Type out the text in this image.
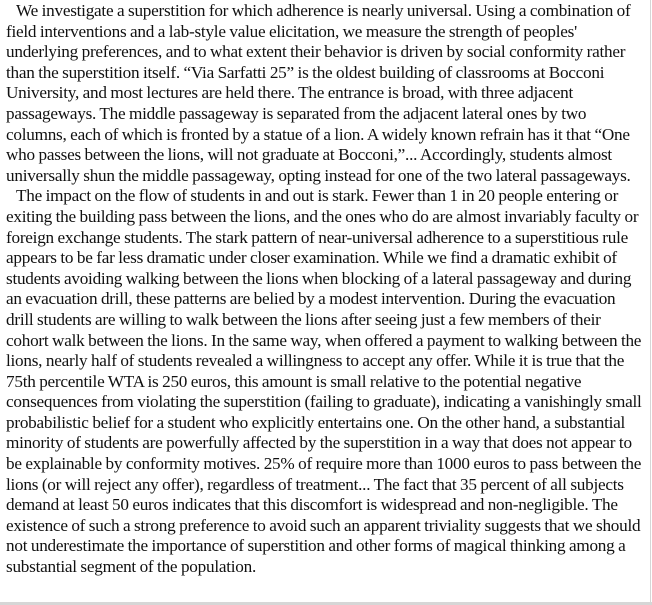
We investigate a superstition for which adherence is nearly universal. Using a combination of field interventions and a lab-style value elicitation, we measure the strength of peoples' underlying preferences, and to what extent their behavior is driven by social conformity rather than the superstition itself. “Via Sarfatti 25” is the oldest building of classrooms at Bocconi University, and most lectures are held there. The entrance is broad, with three adjacent passageways. The middle passageway is separated from the adjacent lateral ones by two columns, each of which is fronted by a statue of a lion. A widely known refrain has it that “One who passes between the lions, will not graduate at Bocconi,”... Accordingly, students almost universally shun the middle passageway, opting instead for one of the two lateral passageways.

The impact on the flow of students in and out is stark. Fewer than 1 in 20 people entering or exiting the building pass between the lions, and the ones who do are almost invariably faculty or foreign exchange students. The stark pattern of near-universal adherence to a superstitious rule appears to be far less dramatic under closer examination. While we find a dramatic exhibit of students avoiding walking between the lions when blocking of a lateral passageway and during an evacuation drill, these patterns are belied by a modest intervention. During the evacuation drill students are willing to walk between the lions after seeing just a few members of their cohort walk between the lions. In the same way, when offered a payment to walking between the lions, nearly half of students revealed a willingness to accept any offer. While it is true that the 75th percentile WTA is 250 euros, this amount is small relative to the potential negative consequences from violating the superstition (failing to graduate), indicating a vanishingly small probabilistic belief for a student who explicitly entertains one. On the other hand, a substantial minority of students are powerfully affected by the superstition in a way that does not appear to be explainable by conformity motives. 25% of require more than 1000 euros to pass between the lions (or will reject any offer), regardless of treatment... The fact that 35 percent of all subjects demand at least 50 euros indicates that this discomfort is widespread and non-negligible. The existence of such a strong preference to avoid such an apparent triviality suggests that we should not underestimate the importance of superstition and other forms of magical thinking among a substantial segment of the population.
